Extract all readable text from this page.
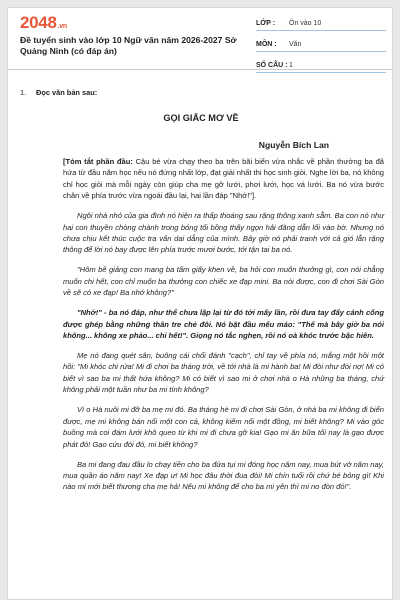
2048.vn
Đề tuyển sinh vào lớp 10 Ngữ văn năm 2026-2027 Sở Quảng Ninh (có đáp án)
LỚP :	Ôn vào 10
MÔN :	Văn
SỐ CÂU : 1
1. Đọc văn bản sau:
GỌI GIẤC MƠ VỀ
Nguyễn Bích Lan

[Tóm tắt phần đầu: Cậu bé vừa chạy theo ba trên bãi biển vừa nhắc về phần thưởng ba đã hứa từ đầu năm học nếu nó đứng nhất lớp, đạt giải nhất thi học sinh giỏi. Nghe lời ba, nó không chỉ học giỏi mà mỗi ngày còn giúp cha mẹ gỡ lưới, phơi lưới, học vá lưới. Ba nó vừa bước chân về phía trước vừa ngoái đầu lại, hai lần đáp "Nhớ!"].

Ngôi nhà nhỏ của gia đình nó hiện ra thấp thoáng sau rặng thông xanh sẫm. Ba con nó như hai con thuyền chòng chành trong bóng tối bồng thấy ngọn hải đăng dẫn lối vào bờ. Nhưng nó chưa chịu kết thúc cuộc tra vấn dai dẳng của mình. Bây giờ nó phải tranh với cả gió lẫn rặng thông để lời nó bay được lên phía trước mươi bước, tới tận tai ba nó.

"Hôm bế giảng con mang ba tấm giấy khen về, ba hỏi con muốn thưởng gì, con nói chẳng muốn chi hết, con chỉ muốn ba thưởng con chiếc xe đạp mini. Ba nói được, con đi chơi Sài Gòn về sẽ có xe đạp! Ba nhớ không?"

"Nhớ!" - ba nó đáp, như thể chưa lặp lại từ đó tới mấy lần, rồi đưa tay đẩy cánh cổng được ghép bằng những thân tre chẻ đôi. Nó bật đầu mếu máo: "Thế mà bây giờ ba nói không... không xe phảo... chi hết!". Giọng nó tắc nghẹn, rồi nó oà khóc trước bậc hiên.

Mẹ nó đang quét sân, buông cái chổi đánh "cạch", chỉ tay về phía nó, mắng một hồi một hồi: "Mi khóc chi rứa! Mi đi chơi ba tháng trời, về tới nhà là mi hành ba! Mi đòi như đòi nợ! Mi có biết vì sao ba mi thất hứa không? Mi có biết vì sao mi ở chơi nhà o Hà những ba tháng, chứ không phải một tuần như ba mi tính không?

Vì o Hà nuôi mi đỡ ba mẹ mi đó. Ba tháng hè mi đi chơi Sài Gòn, ở nhà ba mi không đi biển được, mẹ mi không bán nổi một con cá, không kiếm nổi một đồng, mi biết không? Mi vào góc buồng mà coi đám lưới khô queo từ khi mi đi chưa gỡ kia! Gạo mi ăn bữa tối nay là gạo được phát đó! Gạo cứu đói đó, mi biết không?

Ba mi đang đau đầu lo chạy tiền cho ba đứa tụi mi đóng học năm nay, mua bút vở năm nay, mua quần áo năm nay! Xe đạp ư! Mi học đâu thời đua đòi! Mi chín tuổi rồi chứ bé bỏng gì! Khi nào mi mới biết thương cha mẹ hả! Nếu mi không để cho ba mi yên thì mi no đòn đó!".
